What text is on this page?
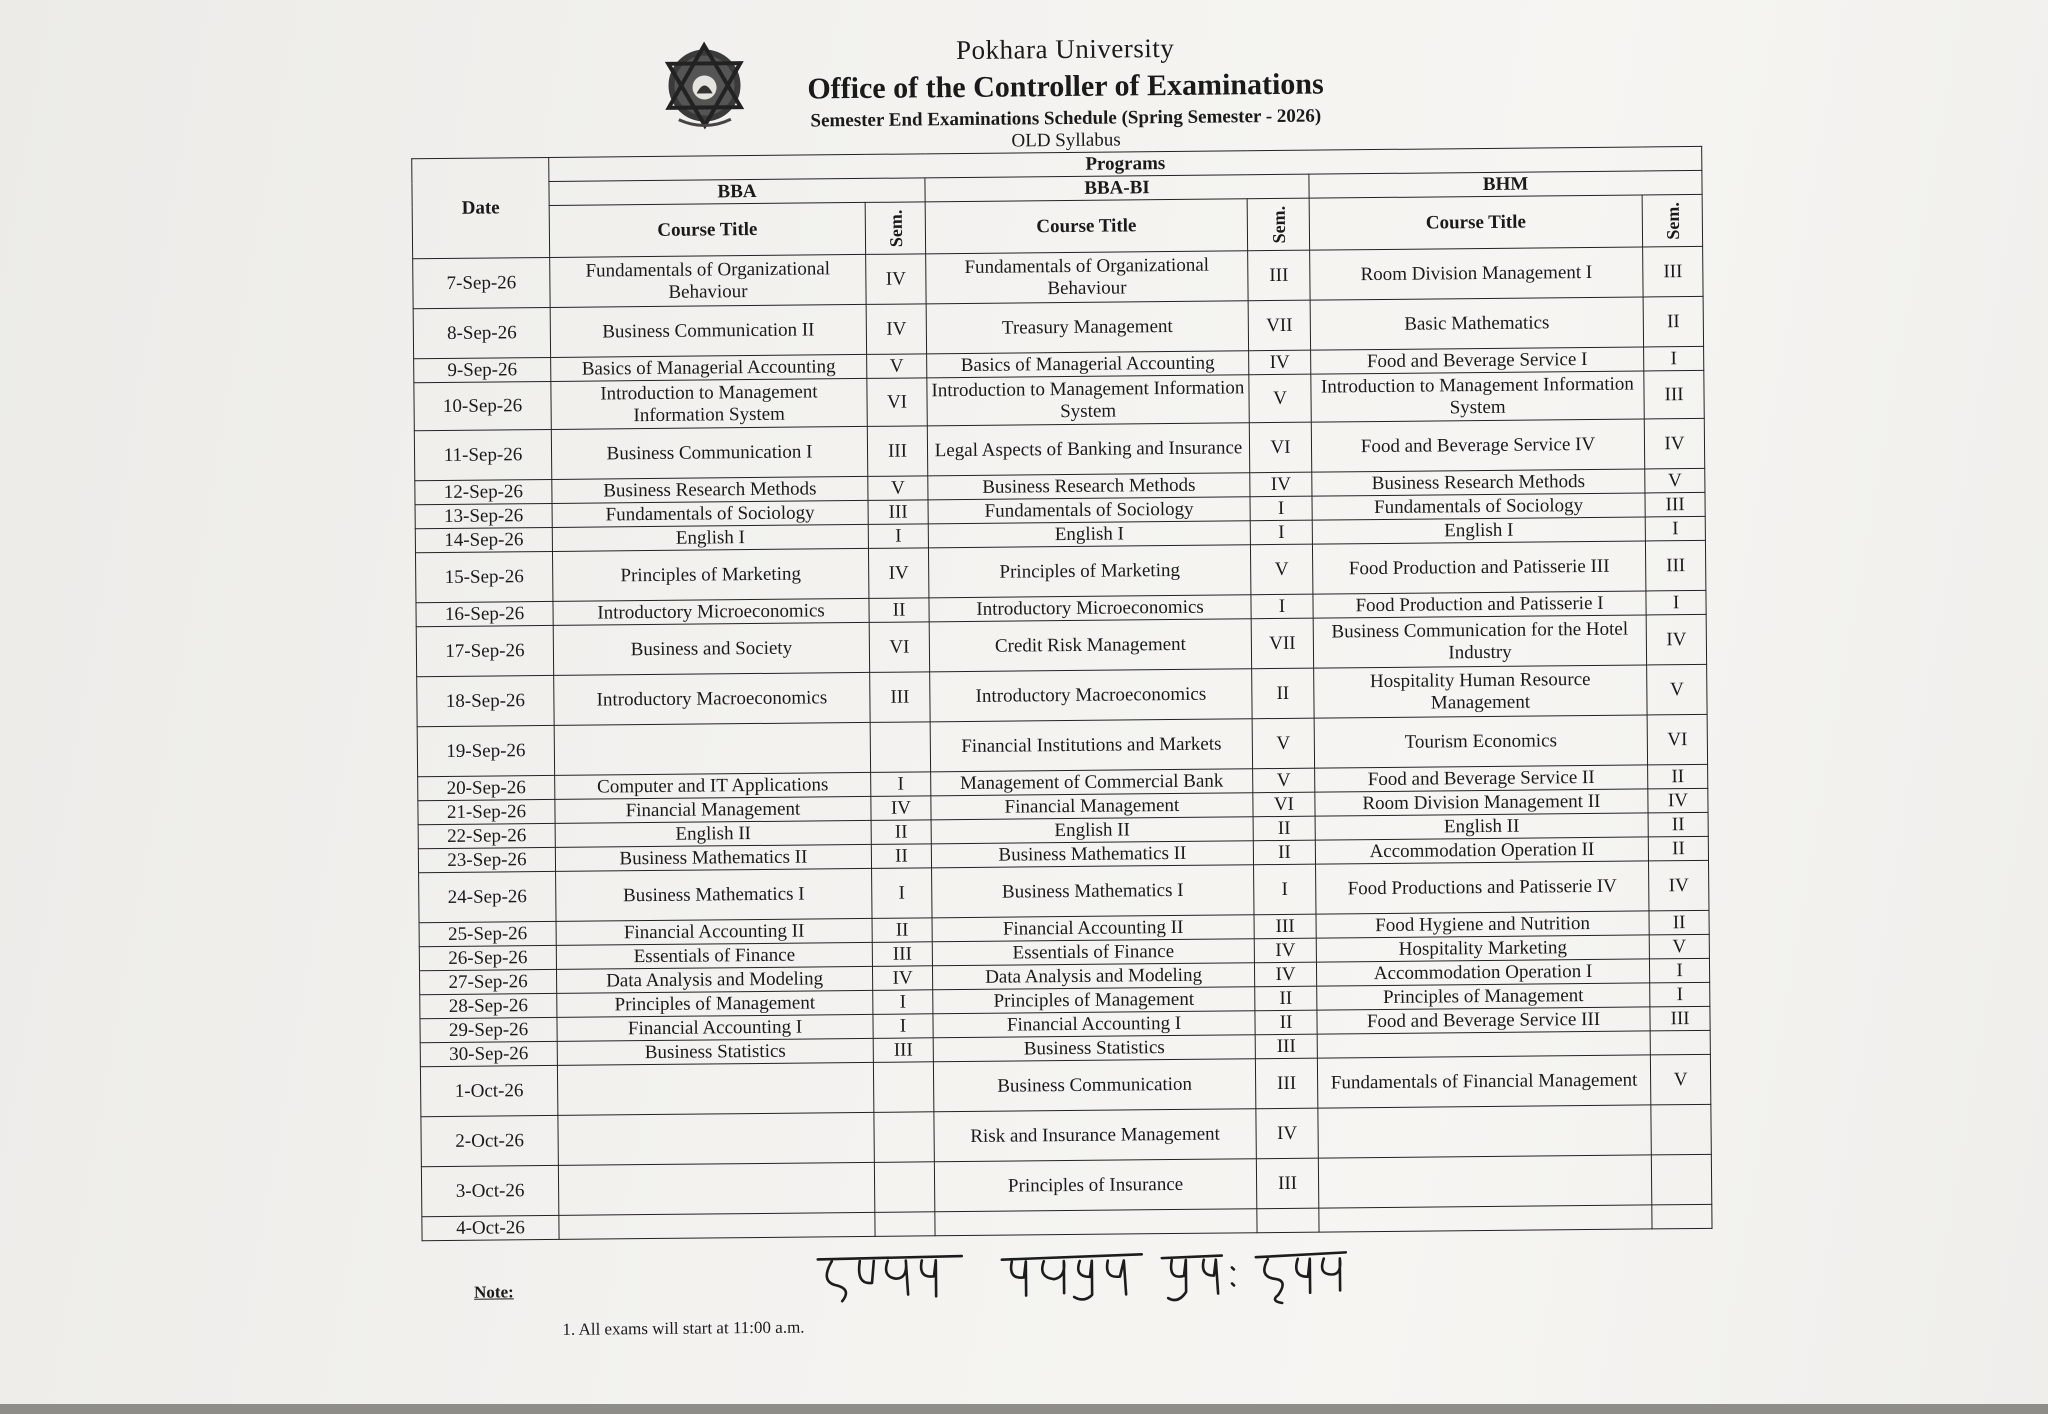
Pokhara University
Office of the Controller of Examinations
Semester End Examinations Schedule (Spring Semester - 2026)
OLD Syllabus
Date	Programs					
	BBA		BBA-BI		BHM	
	Course Title	Sem.	Course Title	Sem.	Course Title	Sem.

7-Sep-26	Fundamentals of Organizational Behaviour	IV	Fundamentals of Organizational Behaviour	III	Room Division Management I	III
8-Sep-26	Business Communication II	IV	Treasury Management	VII	Basic Mathematics	II
9-Sep-26	Basics of Managerial Accounting	V	Basics of Managerial Accounting	IV	Food and Beverage Service I	I
10-Sep-26	Introduction to Management Information System	VI	Introduction to Management Information System	V	Introduction to Management Information System	III
11-Sep-26	Business Communication I	III	Legal Aspects of Banking and Insurance	VI	Food and Beverage Service IV	IV
12-Sep-26	Business Research Methods	V	Business Research Methods	IV	Business Research Methods	V
13-Sep-26	Fundamentals of Sociology	III	Fundamentals of Sociology	I	Fundamentals of Sociology	III
14-Sep-26	English I	I	English I	I	English I	I
15-Sep-26	Principles of Marketing	IV	Principles of Marketing	V	Food Production and Patisserie III	III
16-Sep-26	Introductory Microeconomics	II	Introductory Microeconomics	I	Food Production and Patisserie I	I
17-Sep-26	Business and Society	VI	Credit Risk Management	VII	Business Communication for the Hotel Industry	IV
18-Sep-26	Introductory Macroeconomics	III	Introductory Macroeconomics	II	Hospitality Human Resource Management	V
19-Sep-26			Financial Institutions and Markets	V	Tourism Economics	VI
20-Sep-26	Computer and IT Applications	I	Management of Commercial Bank	V	Food and Beverage Service II	II
21-Sep-26	Financial Management	IV	Financial Management	VI	Room Division Management II	IV
22-Sep-26	English II	II	English II	II	English II	II
23-Sep-26	Business Mathematics II	II	Business Mathematics II	II	Accommodation Operation II	II
24-Sep-26	Business Mathematics I	I	Business Mathematics I	I	Food Productions and Patisserie IV	IV
25-Sep-26	Financial Accounting II	II	Financial Accounting II	III	Food Hygiene and Nutrition	II
26-Sep-26	Essentials of Finance	III	Essentials of Finance	IV	Hospitality Marketing	V
27-Sep-26	Data Analysis and Modeling	IV	Data Analysis and Modeling	IV	Accommodation Operation I	I
28-Sep-26	Principles of Management	I	Principles of Management	II	Principles of Management	I
29-Sep-26	Financial Accounting I	I	Financial Accounting I	II	Food and Beverage Service III	III
30-Sep-26	Business Statistics	III	Business Statistics	III		
1-Oct-26			Business Communication	III	Fundamentals of Financial Management	V
2-Oct-26			Risk and Insurance Management	IV		
3-Oct-26			Principles of Insurance	III		
4-Oct-26						
Note:
1. All exams will start at 11:00 a.m.
